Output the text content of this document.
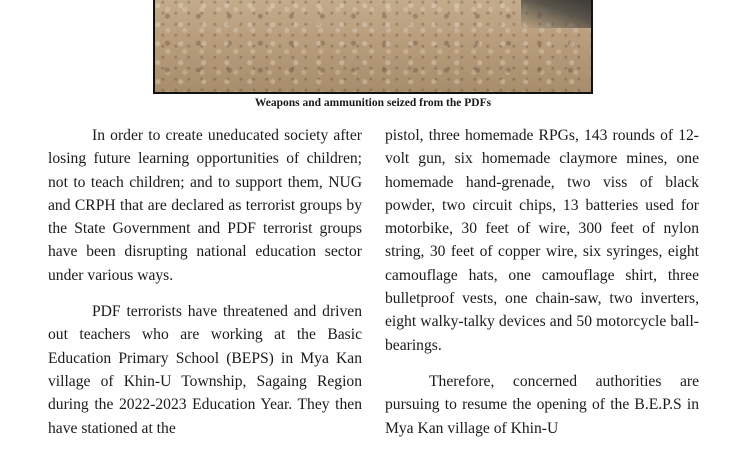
Weapons and ammunition seized from the PDFs

In order to create uneducated society after losing future learning opportunities of children; not to teach children; and to support them, NUG and CRPH that are declared as terrorist groups by the State Government and PDF terrorist groups have been disrupting national education sector under various ways.

PDF terrorists have threatened and driven out teachers who are working at the Basic Education Primary School (BEPS) in Mya Kan village of Khin-U Township, Sagaing Region during the 2022-2023 Education Year. They then have stationed at the

pistol, three homemade RPGs, 143 rounds of 12-volt gun, six homemade claymore mines, one homemade hand-grenade, two viss of black powder, two circuit chips, 13 batteries used for motorbike, 30 feet of wire, 300 feet of nylon string, 30 feet of copper wire, six syringes, eight camouflage hats, one camouflage shirt, three bulletproof vests, one chain-saw, two inverters, eight walky-talky devices and 50 motorcycle ball-bearings.

Therefore, concerned authorities are pursuing to resume the opening of the B.E.P.S in Mya Kan village of Khin-U
